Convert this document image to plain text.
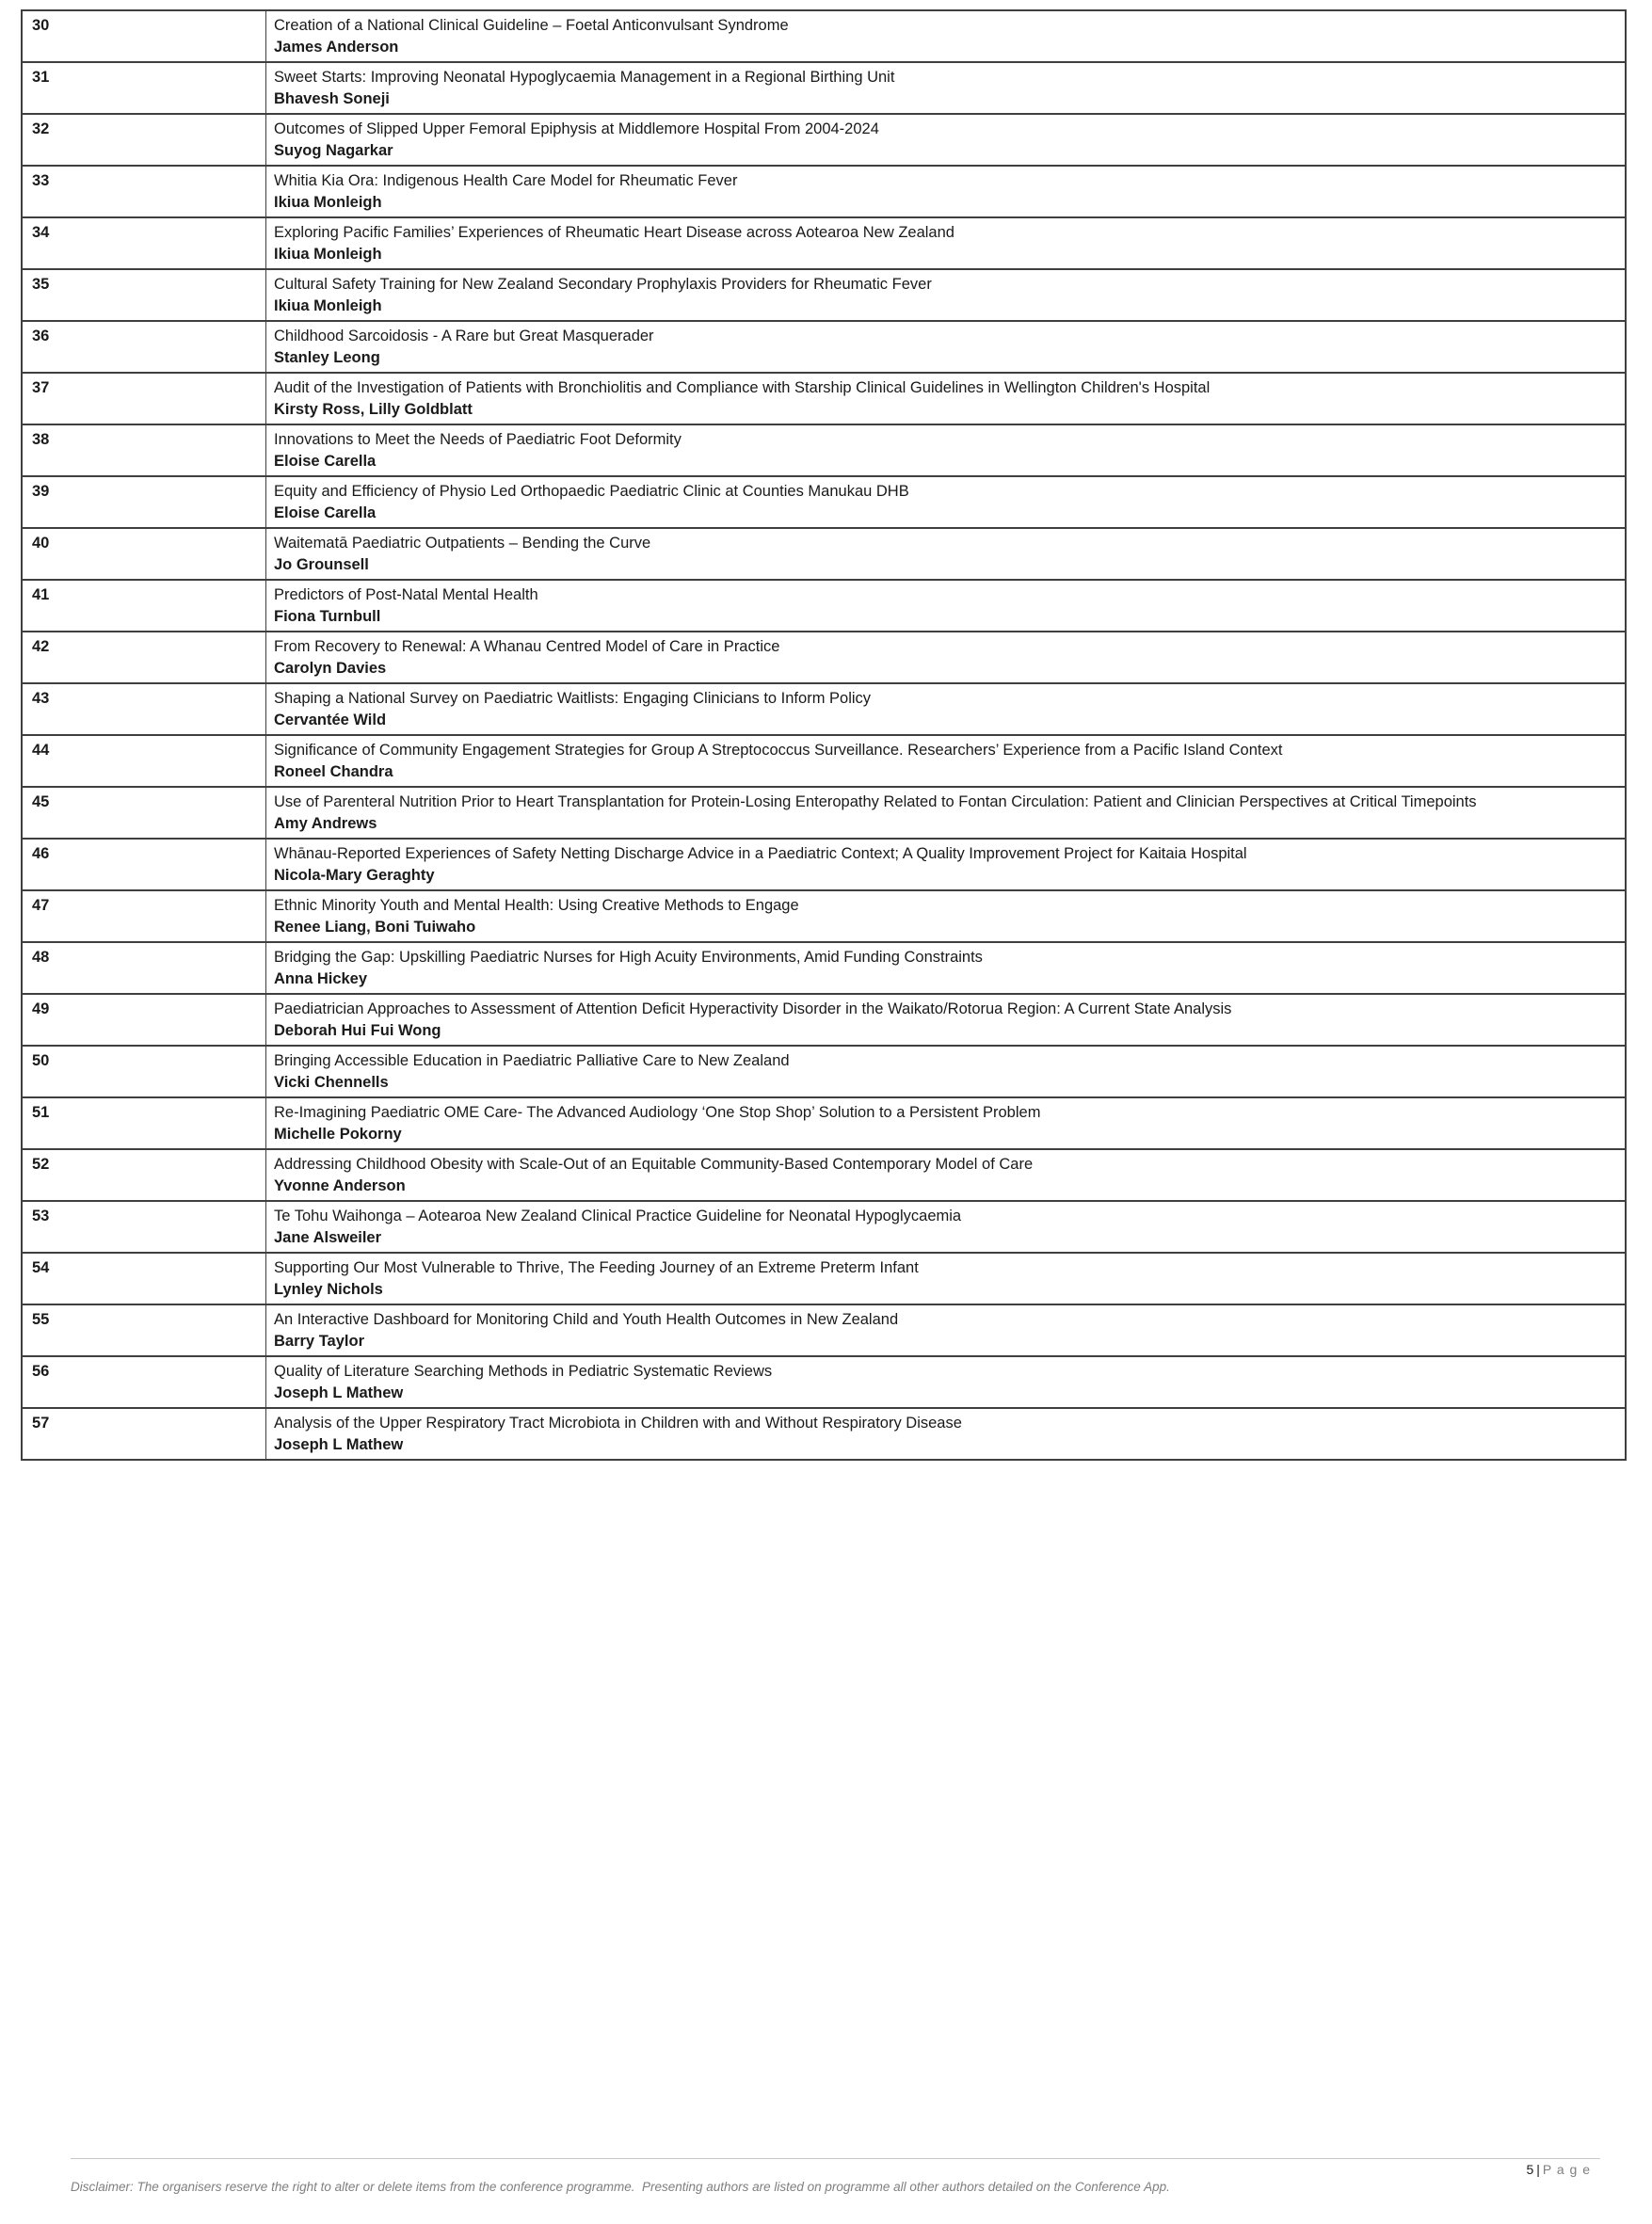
30	Creation of a National Clinical Guideline – Foetal Anticonvulsant Syndrome
James Anderson

31	Sweet Starts: Improving Neonatal Hypoglycaemia Management in a Regional Birthing Unit
Bhavesh Soneji

32	Outcomes of Slipped Upper Femoral Epiphysis at Middlemore Hospital From 2004-2024
Suyog Nagarkar

33	Whitia Kia Ora: Indigenous Health Care Model for Rheumatic Fever
Ikiua Monleigh

34	Exploring Pacific Families’ Experiences of Rheumatic Heart Disease across Aotearoa New Zealand
Ikiua Monleigh

35	Cultural Safety Training for New Zealand Secondary Prophylaxis Providers for Rheumatic Fever
Ikiua Monleigh

36	Childhood Sarcoidosis - A Rare but Great Masquerader
Stanley Leong

37	Audit of the Investigation of Patients with Bronchiolitis and Compliance with Starship Clinical Guidelines in Wellington Children's Hospital
Kirsty Ross, Lilly Goldblatt

38	Innovations to Meet the Needs of Paediatric Foot Deformity
Eloise Carella

39	Equity and Efficiency of Physio Led Orthopaedic Paediatric Clinic at Counties Manukau DHB
Eloise Carella

40	Waitematā Paediatric Outpatients – Bending the Curve
Jo Grounsell

41	Predictors of Post-Natal Mental Health
Fiona Turnbull

42	From Recovery to Renewal: A Whanau Centred Model of Care in Practice
Carolyn Davies

43	Shaping a National Survey on Paediatric Waitlists: Engaging Clinicians to Inform Policy
Cervantée Wild

44	Significance of Community Engagement Strategies for Group A Streptococcus Surveillance. Researchers’ Experience from a Pacific Island Context
Roneel Chandra

45	Use of Parenteral Nutrition Prior to Heart Transplantation for Protein-Losing Enteropathy Related to Fontan Circulation: Patient and Clinician Perspectives at Critical Timepoints
Amy Andrews

46	Whānau-Reported Experiences of Safety Netting Discharge Advice in a Paediatric Context; A Quality Improvement Project for Kaitaia Hospital
Nicola-Mary Geraghty

47	Ethnic Minority Youth and Mental Health: Using Creative Methods to Engage
Renee Liang, Boni Tuiwaho

48	Bridging the Gap: Upskilling Paediatric Nurses for High Acuity Environments, Amid Funding Constraints
Anna Hickey

49	Paediatrician Approaches to Assessment of Attention Deficit Hyperactivity Disorder in the Waikato/Rotorua Region: A Current State Analysis
Deborah Hui Fui Wong

50	Bringing Accessible Education in Paediatric Palliative Care to New Zealand
Vicki Chennells

51	Re-Imagining Paediatric OME Care- The Advanced Audiology ‘One Stop Shop’ Solution to a Persistent Problem
Michelle Pokorny

52	Addressing Childhood Obesity with Scale-Out of an Equitable Community-Based Contemporary Model of Care
Yvonne Anderson

53	Te Tohu Waihonga – Aotearoa New Zealand Clinical Practice Guideline for Neonatal Hypoglycaemia
Jane Alsweiler

54	Supporting Our Most Vulnerable to Thrive, The Feeding Journey of an Extreme Preterm Infant
Lynley Nichols

55	An Interactive Dashboard for Monitoring Child and Youth Health Outcomes in New Zealand
Barry Taylor

56	Quality of Literature Searching Methods in Pediatric Systematic Reviews
Joseph L Mathew

57	Analysis of the Upper Respiratory Tract Microbiota in Children with and Without Respiratory Disease
Joseph L Mathew
5 | P a g e
Disclaimer: The organisers reserve the right to alter or delete items from the conference programme.  Presenting authors are listed on programme all other authors detailed on the Conference App.
